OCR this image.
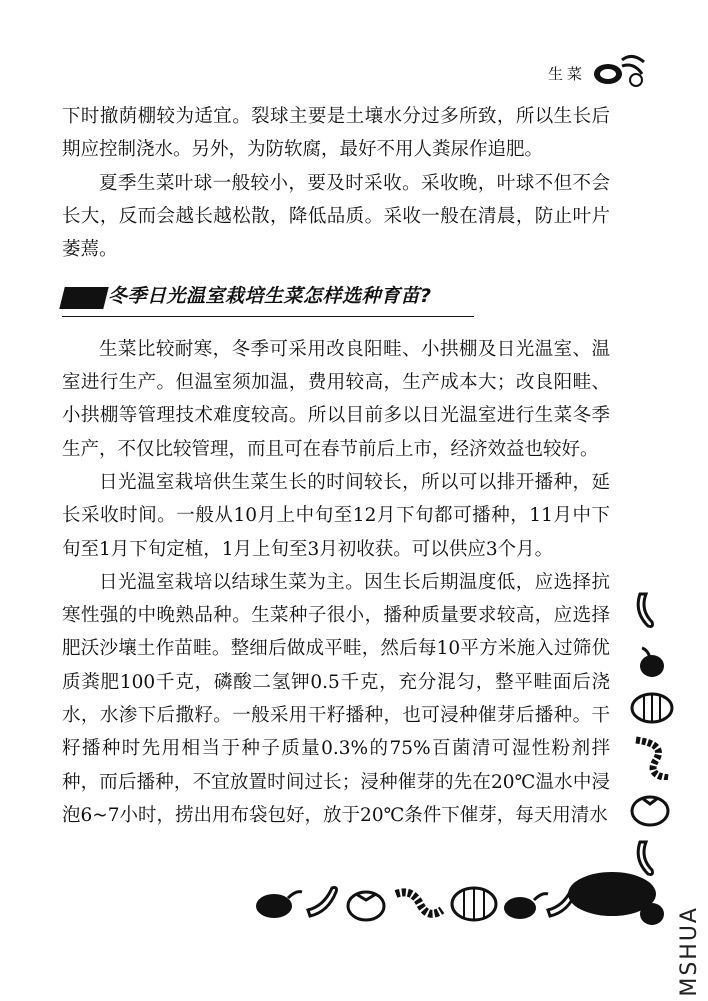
生菜

下时撤荫棚较为适宜。裂球主要是土壤水分过多所致，所以生长后期应控制浇水。另外，为防软腐，最好不用人粪尿作追肥。

夏季生菜叶球一般较小，要及时采收。采收晚，叶球不但不会长大，反而会越长越松散，降低品质。采收一般在清晨，防止叶片萎蔫。

冬季日光温室栽培生菜怎样选种育苗?

生菜比较耐寒，冬季可采用改良阳畦、小拱棚及日光温室、温室进行生产。但温室须加温，费用较高，生产成本大；改良阳畦、小拱棚等管理技术难度较高。所以目前多以日光温室进行生菜冬季生产，不仅比较管理，而且可在春节前后上市，经济效益也较好。

日光温室栽培供生菜生长的时间较长，所以可以排开播种，延长采收时间。一般从10月上中旬至12月下旬都可播种，11月中下旬至1月下旬定植，1月上旬至3月初收获。可以供应3个月。

日光温室栽培以结球生菜为主。因生长后期温度低，应选择抗寒性强的中晚熟品种。生菜种子很小，播种质量要求较高，应选择肥沃沙壤土作苗畦。整细后做成平畦，然后每10平方米施入过筛优质粪肥100千克，磷酸二氢钾0.5千克，充分混匀，整平畦面后浇水，水渗下后撒籽。一般采用干籽播种，也可浸种催芽后播种。干籽播种时先用相当于种子质量0.3%的75%百菌清可湿性粉剂拌种，而后播种，不宜放置时间过长；浸种催芽的先在20℃温水中浸泡6~7小时，捞出用布袋包好，放于20℃条件下催芽，每天用清水

MSHUA
